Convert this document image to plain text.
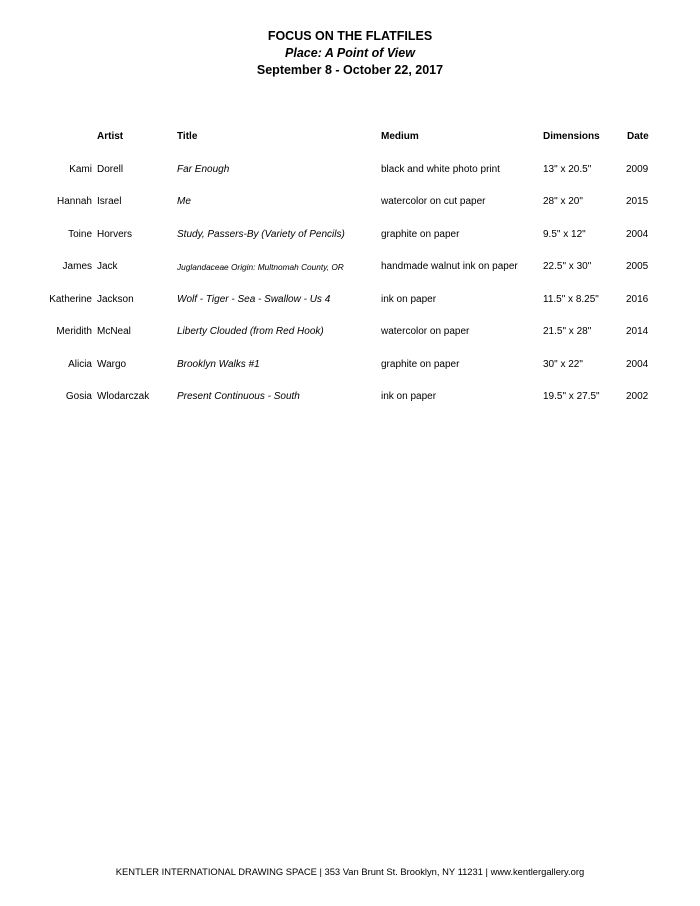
FOCUS ON THE FLATFILES
Place: A Point of View
September 8 - October 22, 2017
Artist	Title	Medium	Dimensions	Date
Kami Dorell	Far Enough	black and white photo print	13" x 20.5"	2009
Hannah Israel	Me	watercolor on cut paper	28" x 20"	2015
Toine Horvers	Study, Passers-By (Variety of Pencils)	graphite on paper	9.5" x 12"	2004
James Jack	Juglandaceae Origin: Multnomah County, OR	handmade walnut ink on paper	22.5" x 30"	2005
Katherine Jackson	Wolf - Tiger - Sea - Swallow - Us 4	ink on paper	11.5" x 8.25"	2016
Meridith McNeal	Liberty Clouded (from Red Hook)	watercolor on paper	21.5" x 28"	2014
Alicia Wargo	Brooklyn Walks #1	graphite on paper	30" x 22"	2004
Gosia Wlodarczak	Present Continuous - South	ink on paper	19.5" x 27.5"	2002
KENTLER INTERNATIONAL DRAWING SPACE | 353 Van Brunt St. Brooklyn, NY 11231 | www.kentlergallery.org
